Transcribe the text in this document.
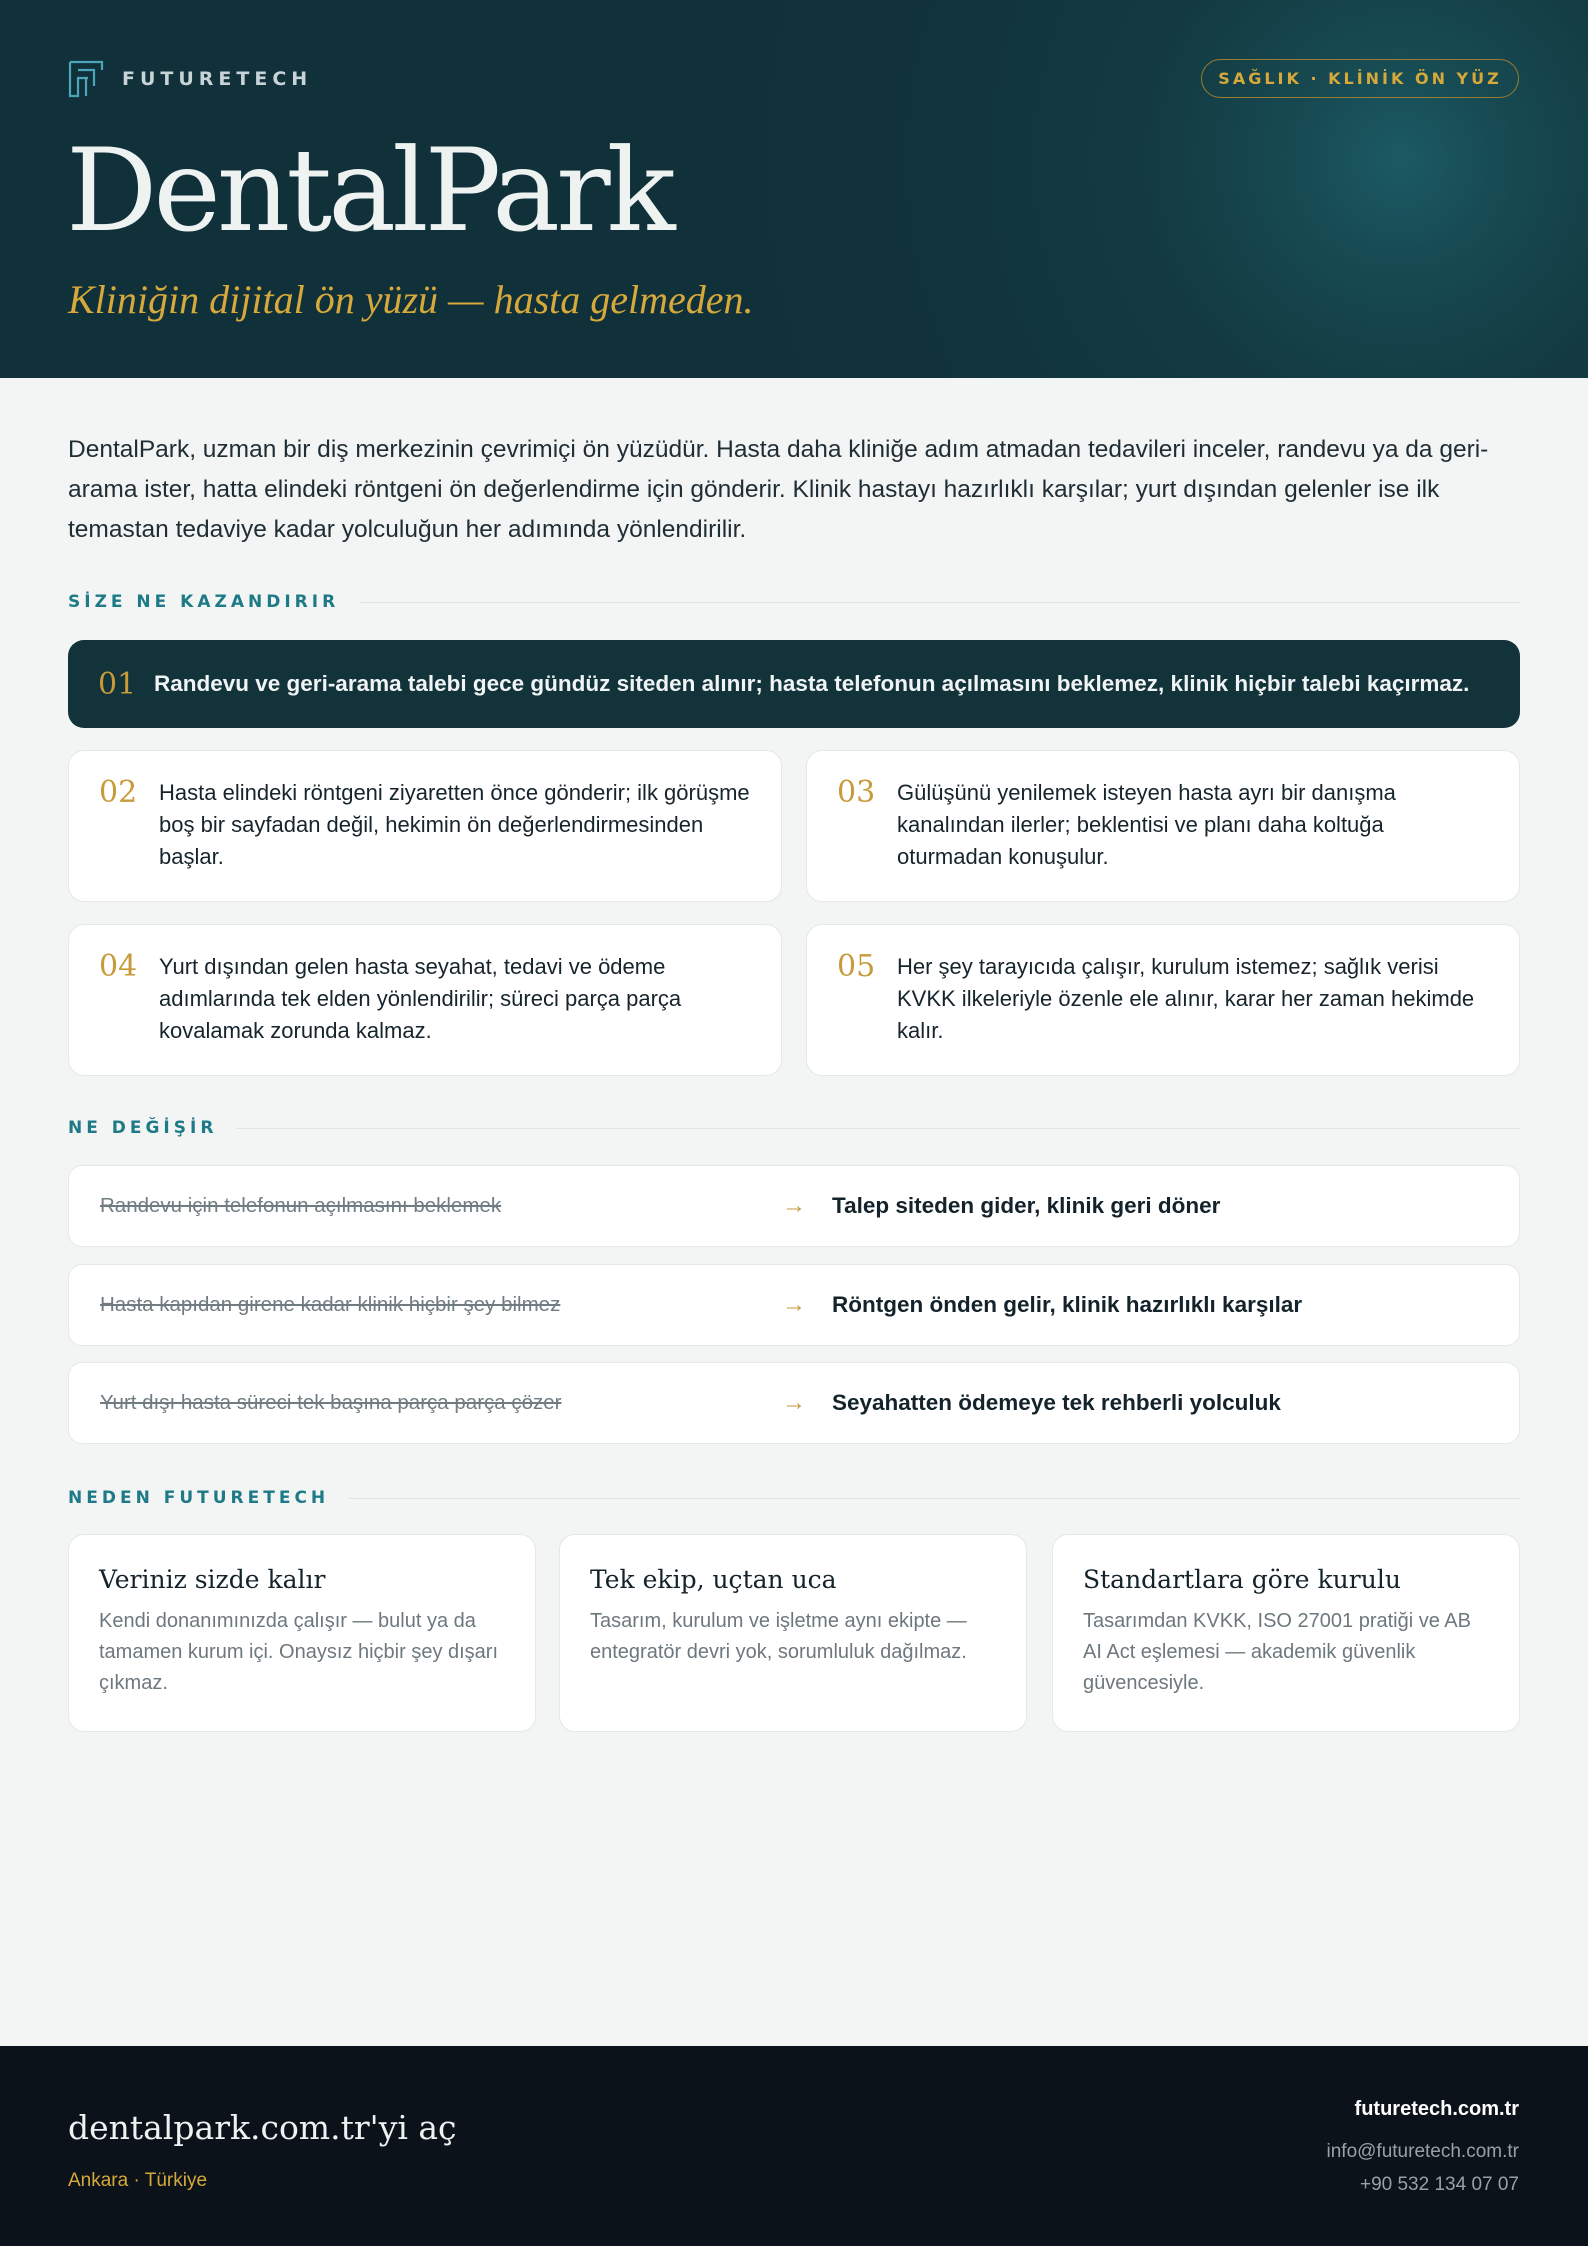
FUTURETECH	SAĞLIK · KLİNİK ÖN YÜZ
DentalPark
Kliniğin dijital ön yüzü — hasta gelmeden.

DentalPark, uzman bir diş merkezinin çevrimiçi ön yüzüdür. Hasta daha kliniğe adım atmadan tedavileri inceler, randevu ya da geri-arama ister, hatta elindeki röntgeni ön değerlendirme için gönderir. Klinik hastayı hazırlıklı karşılar; yurt dışından gelenler ise ilk temastan tedaviye kadar yolculuğun her adımında yönlendirilir.

SİZE NE KAZANDIRIR
01 Randevu ve geri-arama talebi gece gündüz siteden alınır; hasta telefonun açılmasını beklemez, klinik hiçbir talebi kaçırmaz.
02 Hasta elindeki röntgeni ziyaretten önce gönderir; ilk görüşme boş bir sayfadan değil, hekimin ön değerlendirmesinden başlar.
03 Gülüşünü yenilemek isteyen hasta ayrı bir danışma kanalından ilerler; beklentisi ve planı daha koltuğa oturmadan konuşulur.
04 Yurt dışından gelen hasta seyahat, tedavi ve ödeme adımlarında tek elden yönlendirilir; süreci parça parça kovalamak zorunda kalmaz.
05 Her şey tarayıcıda çalışır, kurulum istemez; sağlık verisi KVKK ilkeleriyle özenle ele alınır, karar her zaman hekimde kalır.
NE DEĞİŞİR
Randevu için telefonun açılmasını beklemek	→ Talep siteden gider, klinik geri döner
Hasta kapıdan girene kadar klinik hiçbir şey bilmez	→ Röntgen önden gelir, klinik hazırlıklı karşılar
Yurt dışı hasta süreci tek başına parça parça çözer	→ Seyahatten ödemeye tek rehberli yolculuk
NEDEN FUTURETECH
Veriniz sizde kalır

Kendi donanımınızda çalışır — bulut ya da tamamen kurum içi. Onaysız hiçbir şey dışarı çıkmaz.

Tek ekip, uçtan uca

Tasarım, kurulum ve işletme aynı ekipte — entegratör devri yok, sorumluluk dağılmaz.

Standartlara göre kurulu

Tasarımdan KVKK, ISO 27001 pratiği ve AB AI Act eşlemesi — akademik güvenlik güvencesiyle.

dentalpark.com.tr'yi aç
Ankara · Türkiye
futuretech.com.tr
info@futuretech.com.tr
+90 532 134 07 07
